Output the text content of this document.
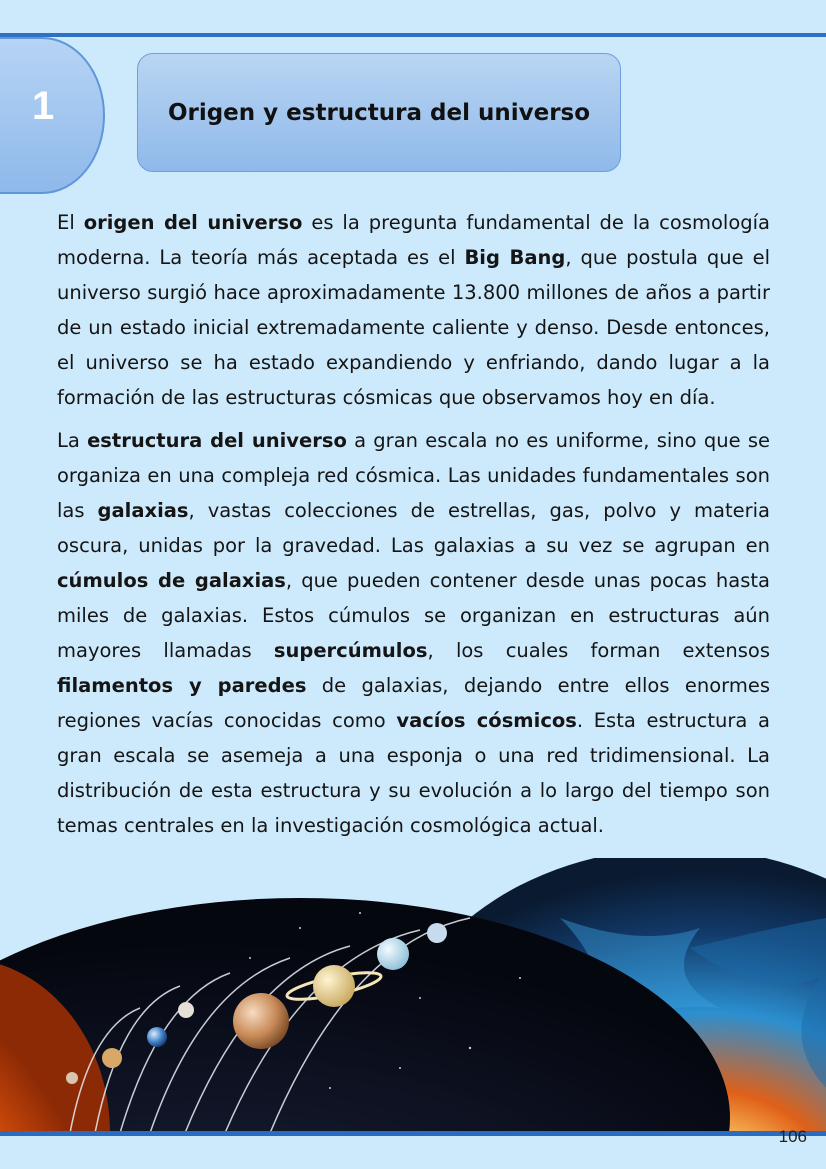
1	Origen y estructura del universo

El origen del universo es la pregunta fundamental de la cosmología moderna. La teoría más aceptada es el Big Bang, que postula que el universo surgió hace aproximadamente 13.800 millones de años a partir de un estado inicial extremadamente caliente y denso. Desde entonces, el universo se ha estado expandiendo y enfriando, dando lugar a la formación de las estructuras cósmicas que observamos hoy en día.

La estructura del universo a gran escala no es uniforme, sino que se organiza en una compleja red cósmica. Las unidades fundamentales son las galaxias, vastas colecciones de estrellas, gas, polvo y materia oscura, unidas por la gravedad. Las galaxias a su vez se agrupan en cúmulos de galaxias, que pueden contener desde unas pocas hasta miles de galaxias. Estos cúmulos se organizan en estructuras aún mayores llamadas supercúmulos, los cuales forman extensos filamentos y paredes de galaxias, dejando entre ellos enormes regiones vacías conocidas como vacíos cósmicos. Esta estructura a gran escala se asemeja a una esponja o una red tridimensional. La distribución de esta estructura y su evolución a lo largo del tiempo son temas centrales en la investigación cosmológica actual.

106
